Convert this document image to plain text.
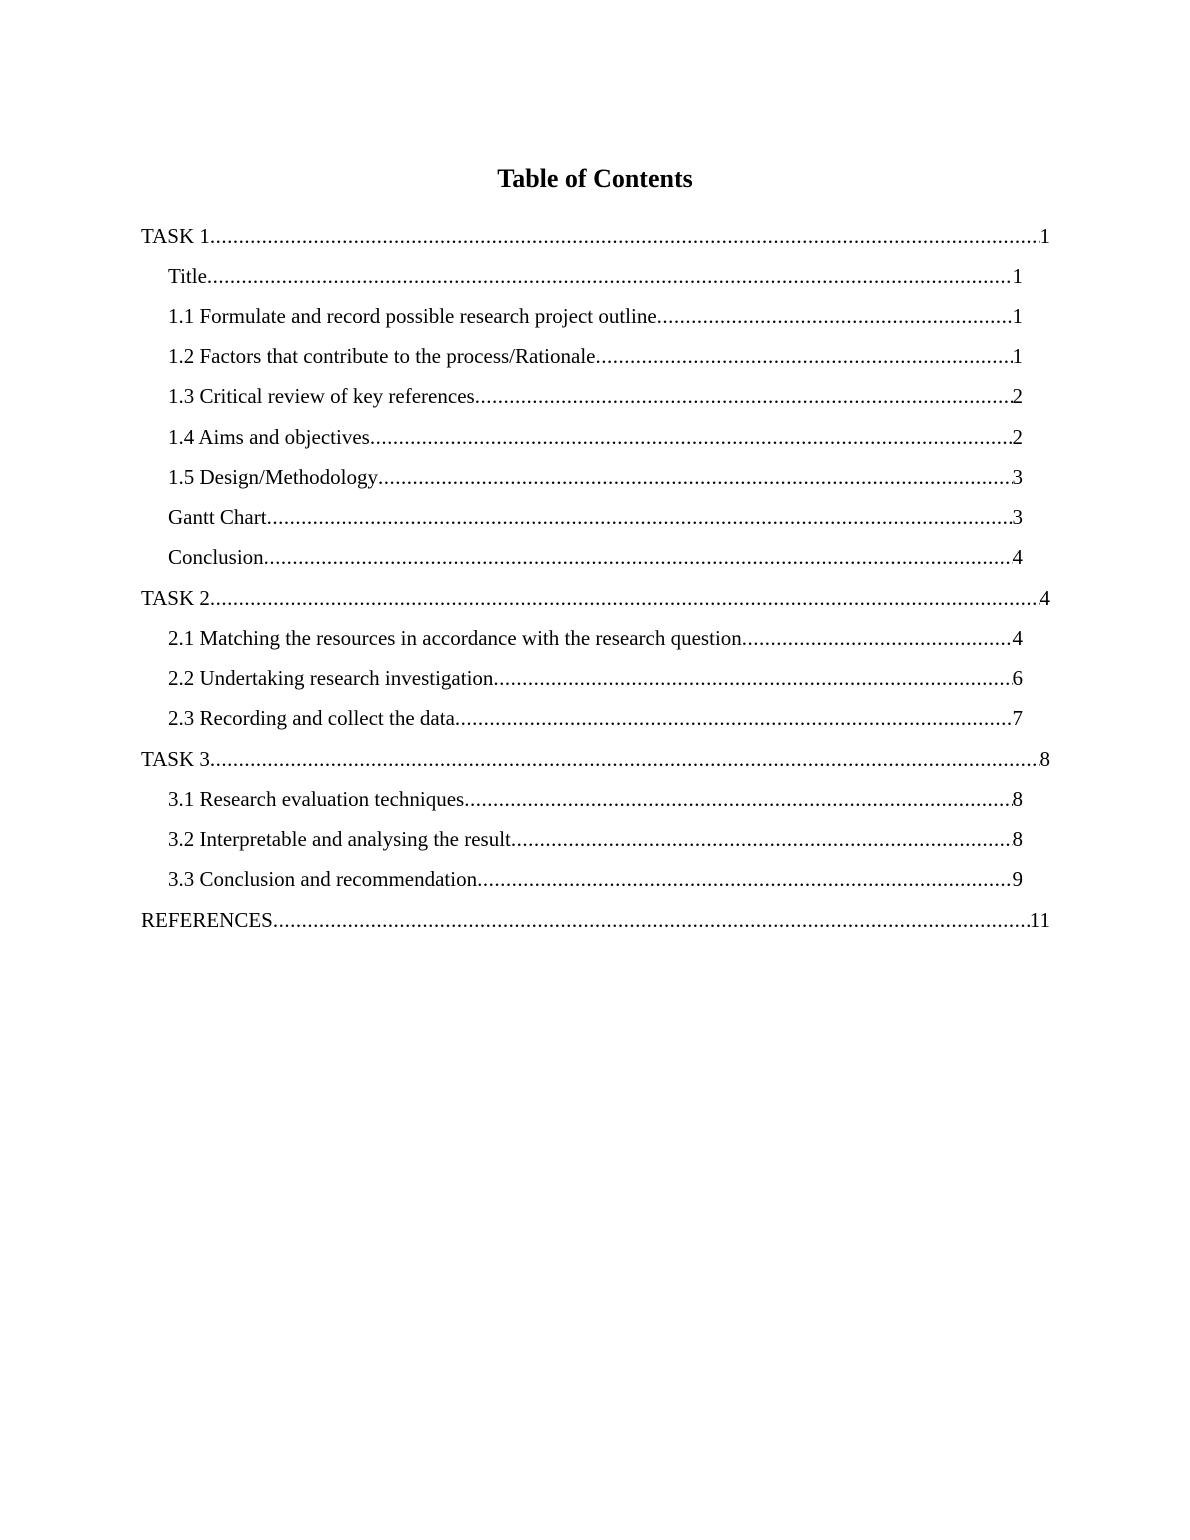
Table of Contents
TASK 1 .....	1
Title .....	1
1.1 Formulate and record possible research project outline .....	1
1.2 Factors that contribute to the process/Rationale .....	1
1.3 Critical review of key references .....	2
1.4 Aims and objectives .....	2
1.5 Design/Methodology .....	3
Gantt Chart .....	3
Conclusion .....	4
TASK 2 .....	4
2.1 Matching the resources in accordance with the research question .....	4
2.2 Undertaking research investigation .....	6
2.3 Recording and collect the data .....	7
TASK 3 .....	8
3.1 Research evaluation techniques .....	8
3.2 Interpretable and analysing the result .....	8
3.3 Conclusion and recommendation .....	9
REFERENCES .....	11
